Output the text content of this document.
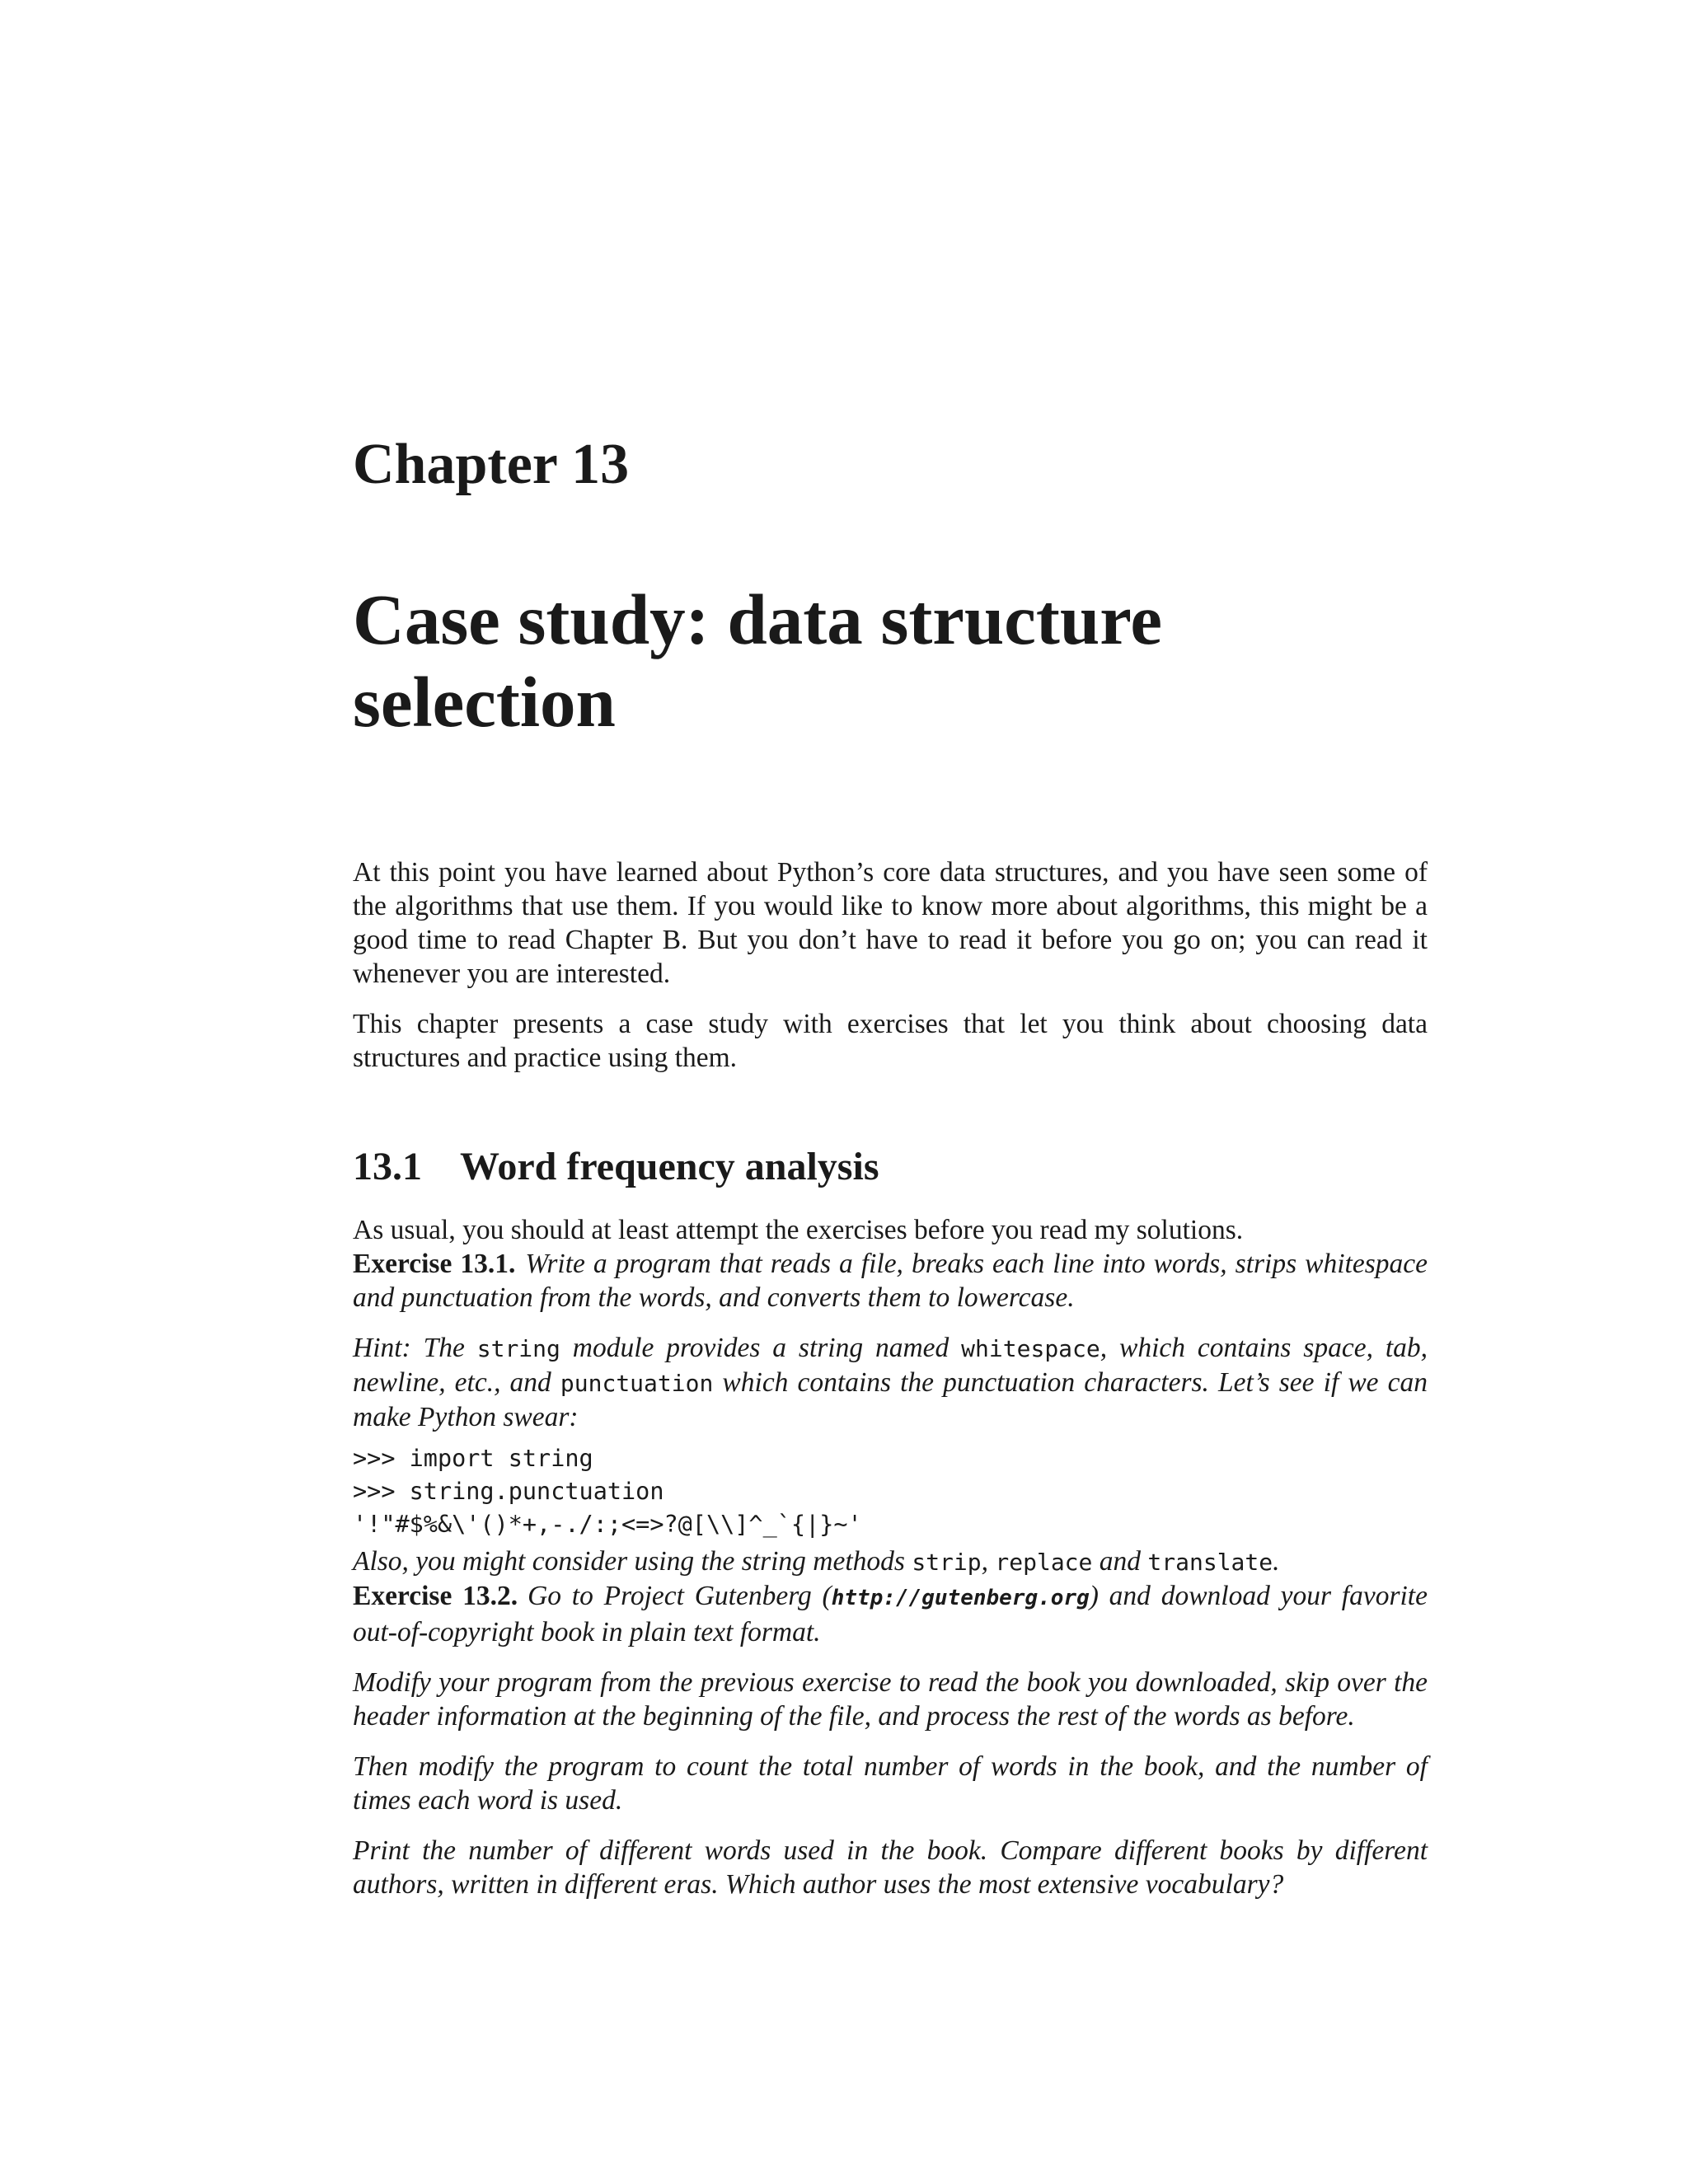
Chapter 13
Case study: data structure selection

At this point you have learned about Python’s core data structures, and you have seen some of the algorithms that use them. If you would like to know more about algorithms, this might be a good time to read Chapter B. But you don’t have to read it before you go on; you can read it whenever you are interested.

This chapter presents a case study with exercises that let you think about choosing data structures and practice using them.

13.1 Word frequency analysis

As usual, you should at least attempt the exercises before you read my solutions.

Exercise 13.1. Write a program that reads a file, breaks each line into words, strips whitespace and punctuation from the words, and converts them to lowercase.

Hint: The string module provides a string named whitespace, which contains space, tab, newline, etc., and punctuation which contains the punctuation characters. Let’s see if we can make Python swear:

>>> import string
>>> string.punctuation
'!"#$%&\'()*+,-./:;<=>?@[\\]^_`{|}~'

Also, you might consider using the string methods strip, replace and translate.

Exercise 13.2. Go to Project Gutenberg (http://gutenberg.org) and download your favorite out-of-copyright book in plain text format.

Modify your program from the previous exercise to read the book you downloaded, skip over the header information at the beginning of the file, and process the rest of the words as before.

Then modify the program to count the total number of words in the book, and the number of times each word is used.

Print the number of different words used in the book. Compare different books by different authors, written in different eras. Which author uses the most extensive vocabulary?
